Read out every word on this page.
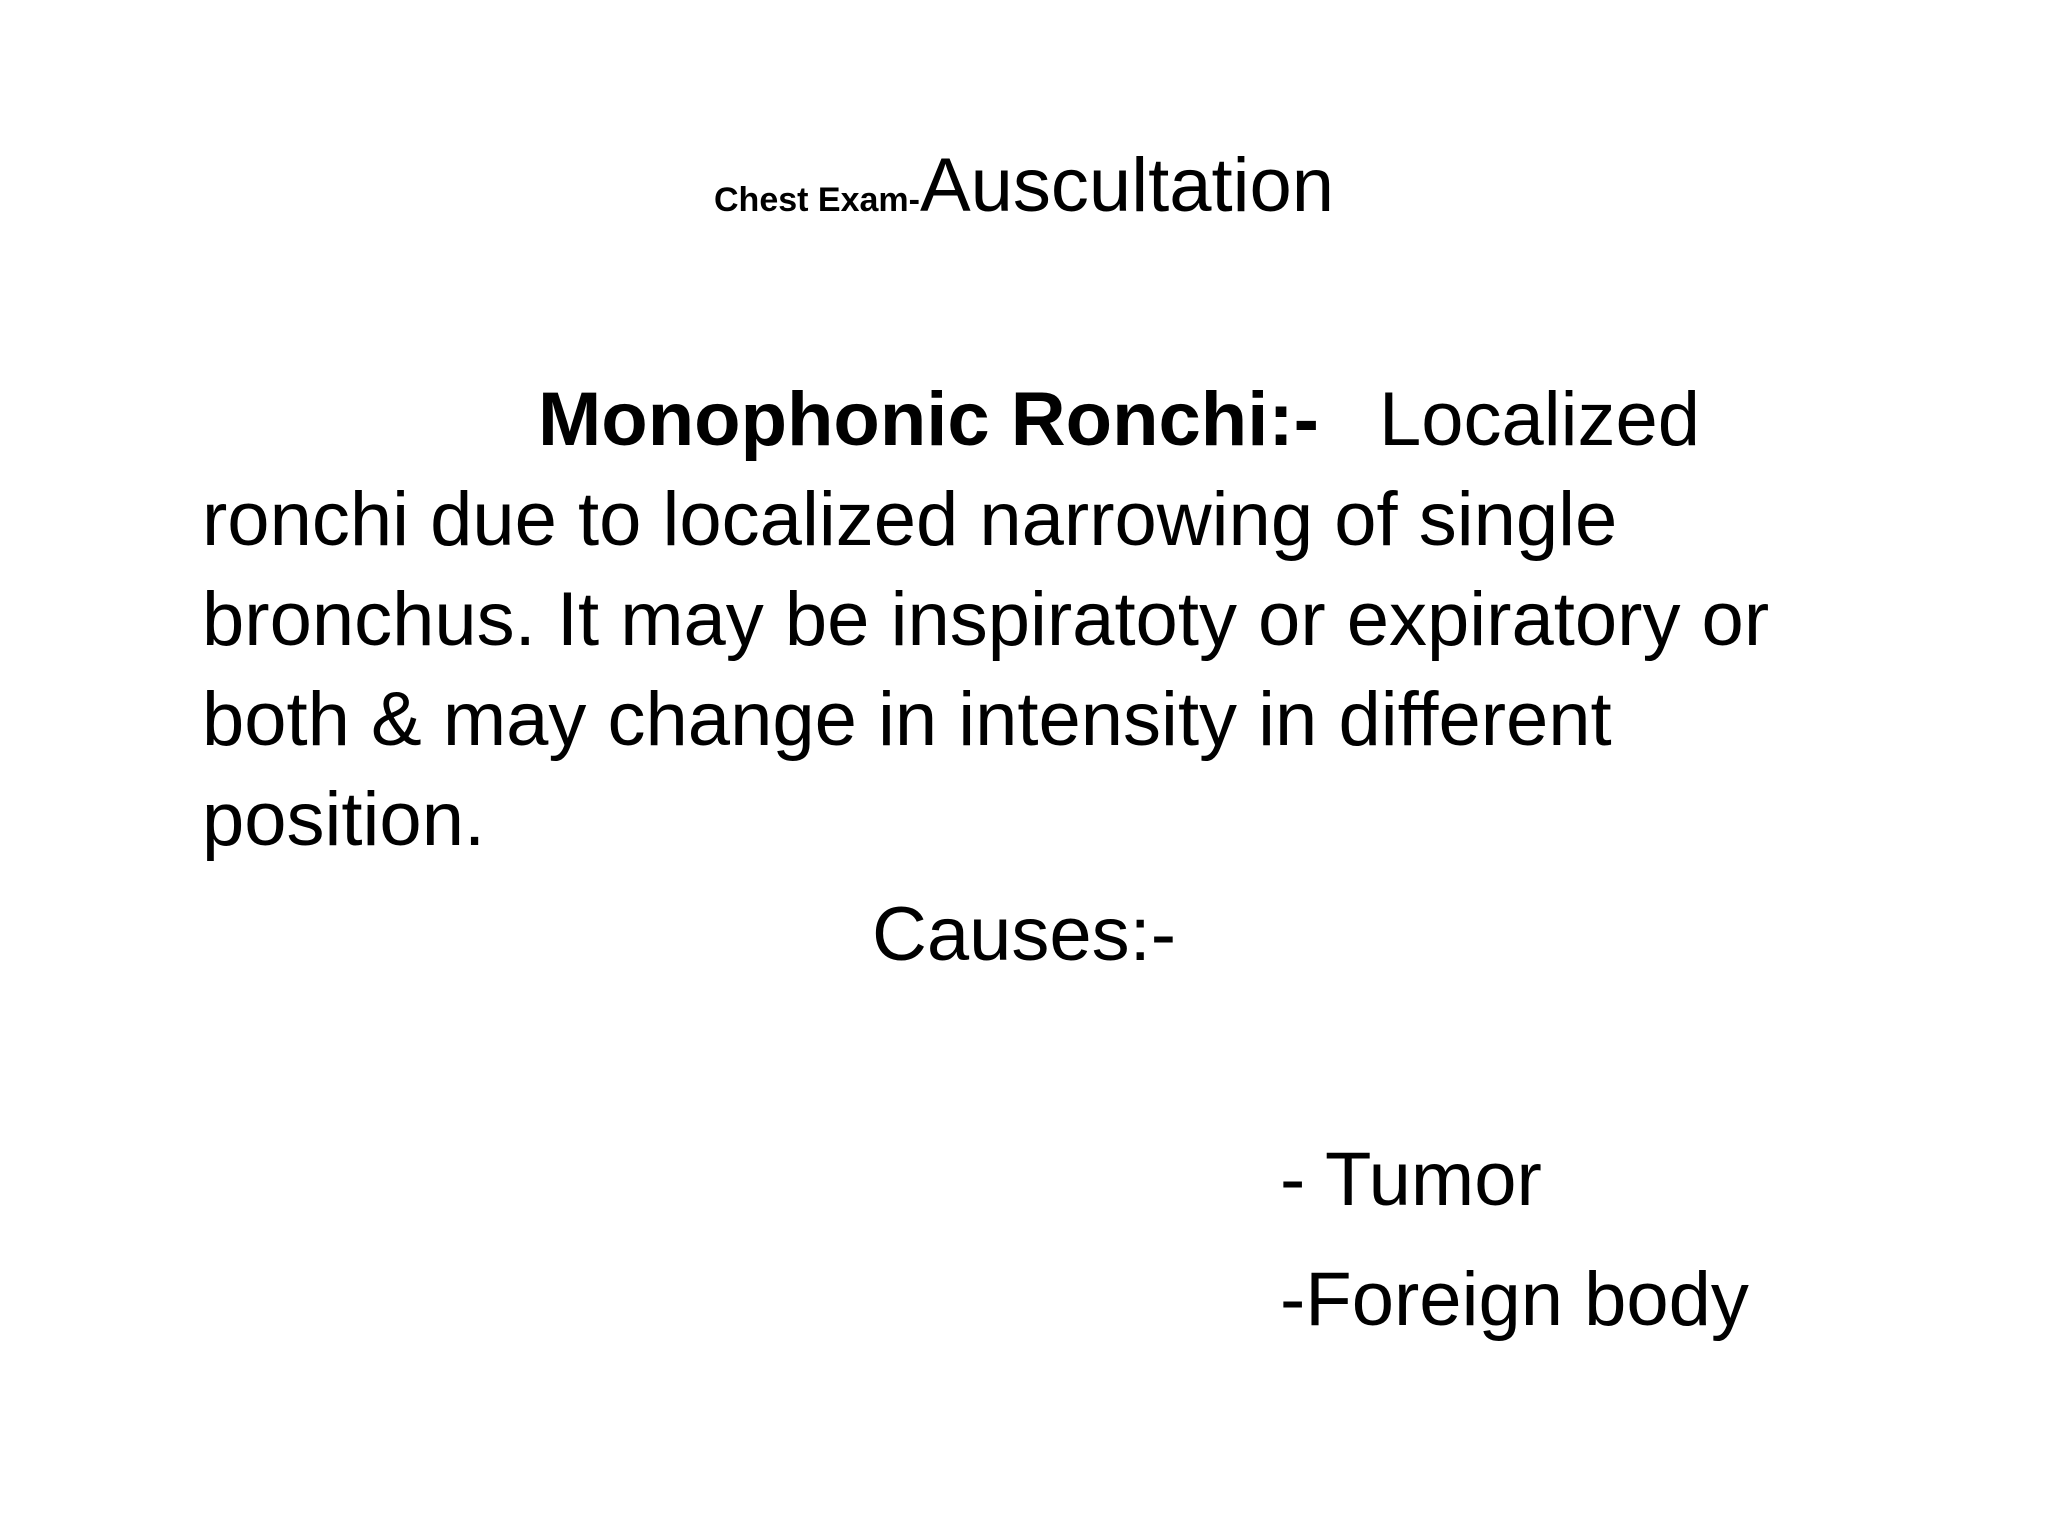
Chest Exam-Auscultation

Monophonic Ronchi:- Localized ronchi due to localized narrowing of single bronchus. It may be inspiratoty or expiratory or both & may change in intensity in different position.

Causes:-
- Tumor
-Foreign body
